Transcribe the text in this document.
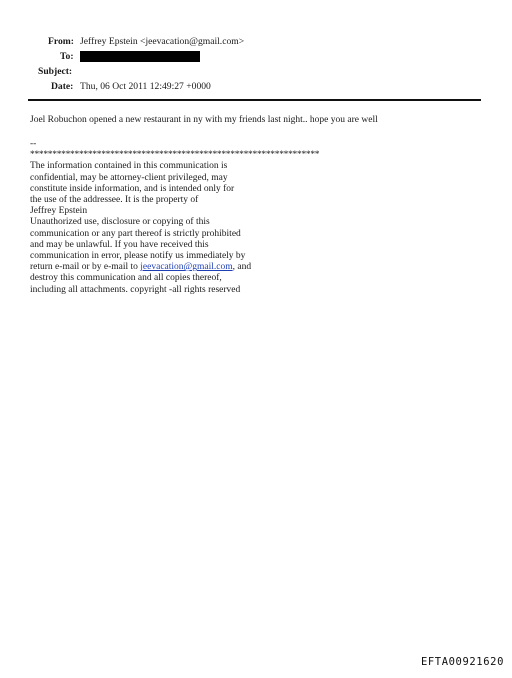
From: Jeffrey Epstein <jeevacation@gmail.com>
To:
Subject:
Date: Thu, 06 Oct 2011 12:49:27 +0000
Joel Robuchon opened a new restaurant in ny with my friends last night.. hope you are well
--
*****************************************************************
The information contained in this communication is
confidential, may be attorney-client privileged, may
constitute inside information, and is intended only for
the use of the addressee. It is the property of
Jeffrey Epstein
Unauthorized use, disclosure or copying of this
communication or any part thereof is strictly prohibited
and may be unlawful. If you have received this
communication in error, please notify us immediately by
return e-mail or by e-mail to jeevacation@gmail.com, and
destroy this communication and all copies thereof,
including all attachments. copyright -all rights reserved
EFTA00921620
